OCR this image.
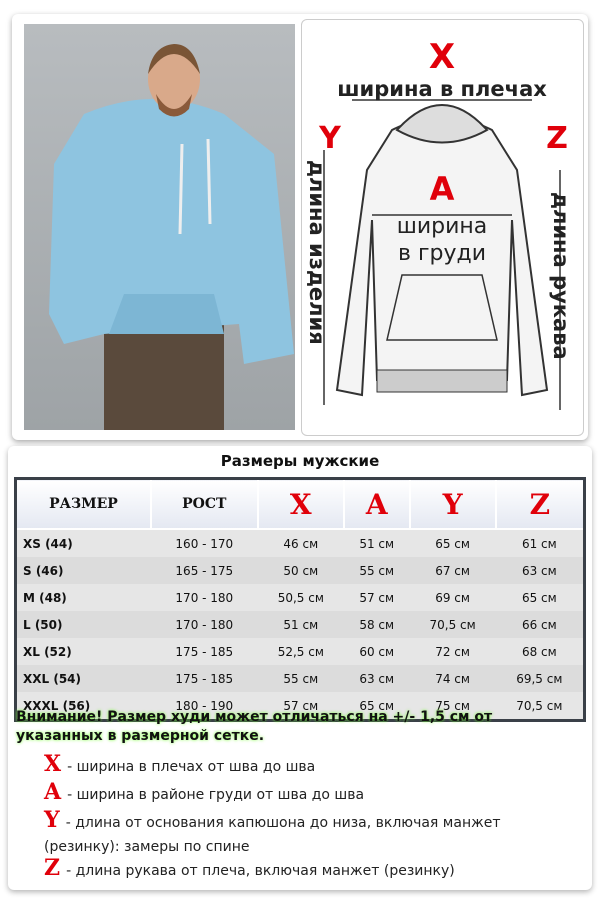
X
ширина в плечах
Y	Z
A
ширина
в груди
длина изделия	длина рукава
Размеры мужские
РАЗМЕР	РОСТ	X	A	Y	Z
XS (44)	160 - 170	46 см	51 см	65 см	61 см
S (46)	165 - 175	50 см	55 см	67 см	63 см
M (48)	170 - 180	50,5 см	57 см	69 см	65 см
L (50)	170 - 180	51 см	58 см	70,5 см	66 см
XL (52)	175 - 185	52,5 см	60 см	72 см	68 см
XXL (54)	175 - 185	55 см	63 см	74 см	69,5 см
XXXL (56)	180 - 190	57 см	65 см	75 см	70,5 см
Внимание! Размер худи может отличаться на +/- 1,5 см от указанных в размерной сетке.
X - ширина в плечах от шва до шва
A - ширина в районе груди от шва до шва
Y - длина от основания капюшона до низа, включая манжет (резинку): замеры по спине
Z - длина рукава от плеча, включая манжет (резинку)
